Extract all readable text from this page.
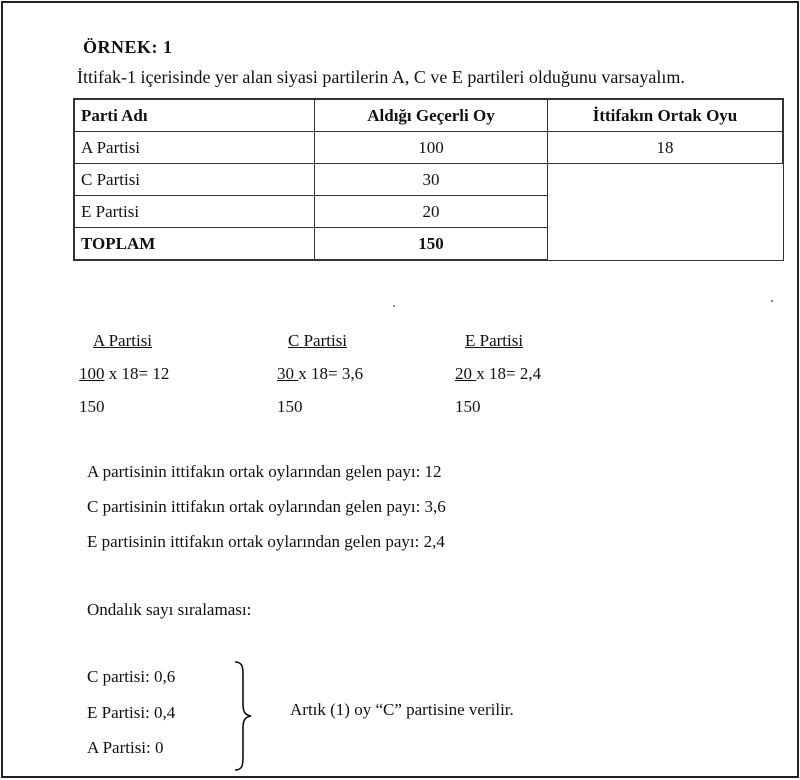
ÖRNEK: 1
İttifak-1 içerisinde yer alan siyasi partilerin A, C ve E partileri olduğunu varsayalım.
Parti Adı	Aldığı Geçerli Oy	İttifakın Ortak Oyu
A Partisi	100	18
C Partisi	30	
E Partisi	20	
TOPLAM	150	
A Partisi
100 x 18= 12
150
C Partisi
30 x 18= 3,6
150
E Partisi
20 x 18= 2,4
150
A partisinin ittifakın ortak oylarından gelen payı: 12
C partisinin ittifakın ortak oylarından gelen payı: 3,6
E partisinin ittifakın ortak oylarından gelen payı: 2,4
Ondalık sayı sıralaması:
C partisi: 0,6
E Partisi: 0,4
A Partisi: 0
Artık (1) oy “C” partisine verilir.
